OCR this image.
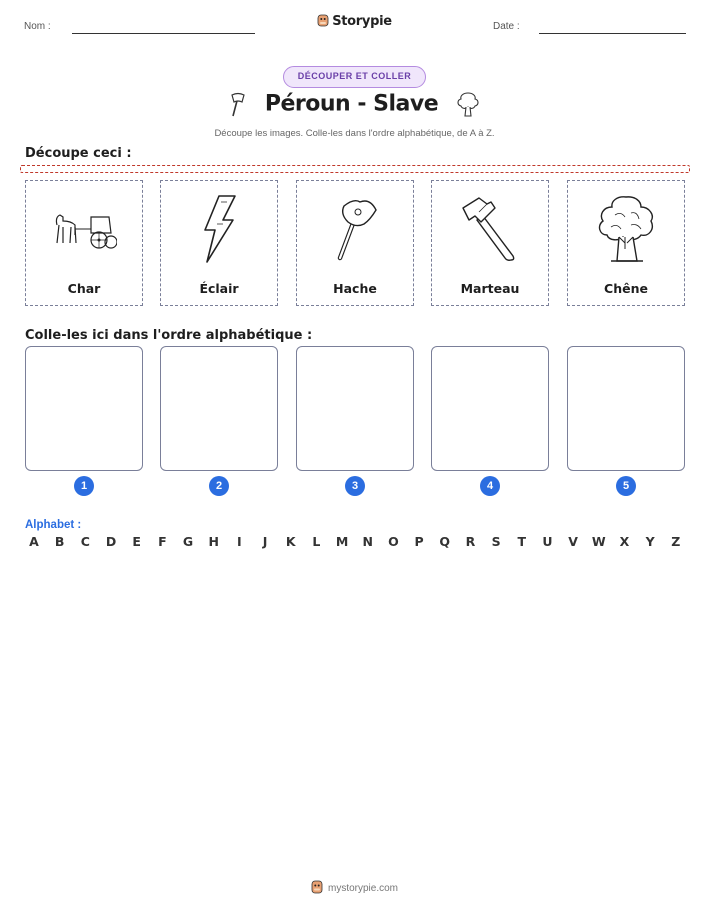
Nom :	Storypie	Date :
DÉCOUPER ET COLLER
Péroun - Slave
Découpe les images. Colle-les dans l'ordre alphabétique, de A à Z.
Découpe ceci :
Char	Éclair	Hache	Marteau	Chêne
Colle-les ici dans l'ordre alphabétique :
1	2	3	4	5
Alphabet :
A	B	C	D	E	F	G	H	I	J	K	L	M	N	O	P	Q	R	S	T	U	V	W	X	Y	Z
mystorypie.com
